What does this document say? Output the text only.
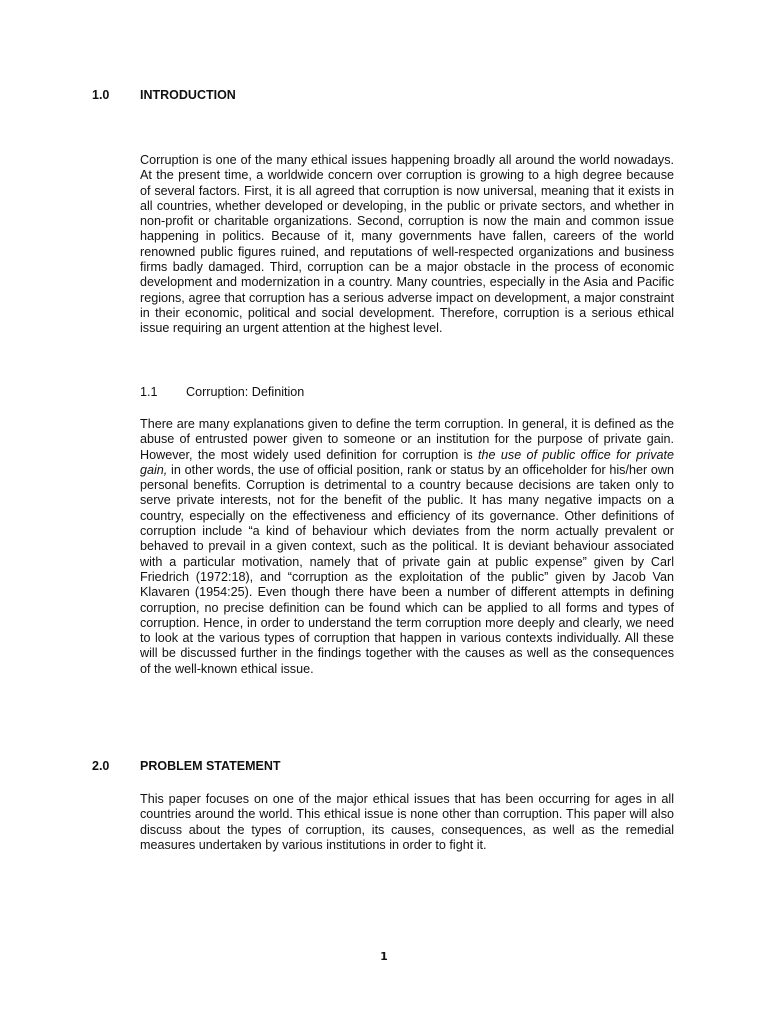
1.0 INTRODUCTION

Corruption is one of the many ethical issues happening broadly all around the world nowadays. At the present time, a worldwide concern over corruption is growing to a high degree because of several factors. First, it is all agreed that corruption is now universal, meaning that it exists in all countries, whether developed or developing, in the public or private sectors, and whether in non-profit or charitable organizations. Second, corruption is now the main and common issue happening in politics. Because of it, many governments have fallen, careers of the world renowned public figures ruined, and reputations of well-respected organizations and business firms badly damaged. Third, corruption can be a major obstacle in the process of economic development and modernization in a country. Many countries, especially in the Asia and Pacific regions, agree that corruption has a serious adverse impact on development, a major constraint in their economic, political and social development. Therefore, corruption is a serious ethical issue requiring an urgent attention at the highest level.

1.1 Corruption: Definition

There are many explanations given to define the term corruption. In general, it is defined as the abuse of entrusted power given to someone or an institution for the purpose of private gain. However, the most widely used definition for corruption is the use of public office for private gain, in other words, the use of official position, rank or status by an officeholder for his/her own personal benefits. Corruption is detrimental to a country because decisions are taken only to serve private interests, not for the benefit of the public. It has many negative impacts on a country, especially on the effectiveness and efficiency of its governance. Other definitions of corruption include “a kind of behaviour which deviates from the norm actually prevalent or behaved to prevail in a given context, such as the political. It is deviant behaviour associated with a particular motivation, namely that of private gain at public expense” given by Carl Friedrich (1972:18), and “corruption as the exploitation of the public” given by Jacob Van Klavaren (1954:25). Even though there have been a number of different attempts in defining corruption, no precise definition can be found which can be applied to all forms and types of corruption. Hence, in order to understand the term corruption more deeply and clearly, we need to look at the various types of corruption that happen in various contexts individually. All these will be discussed further in the findings together with the causes as well as the consequences of the well-known ethical issue.

2.0 PROBLEM STATEMENT

This paper focuses on one of the major ethical issues that has been occurring for ages in all countries around the world. This ethical issue is none other than corruption. This paper will also discuss about the types of corruption, its causes, consequences, as well as the remedial measures undertaken by various institutions in order to fight it.

1
